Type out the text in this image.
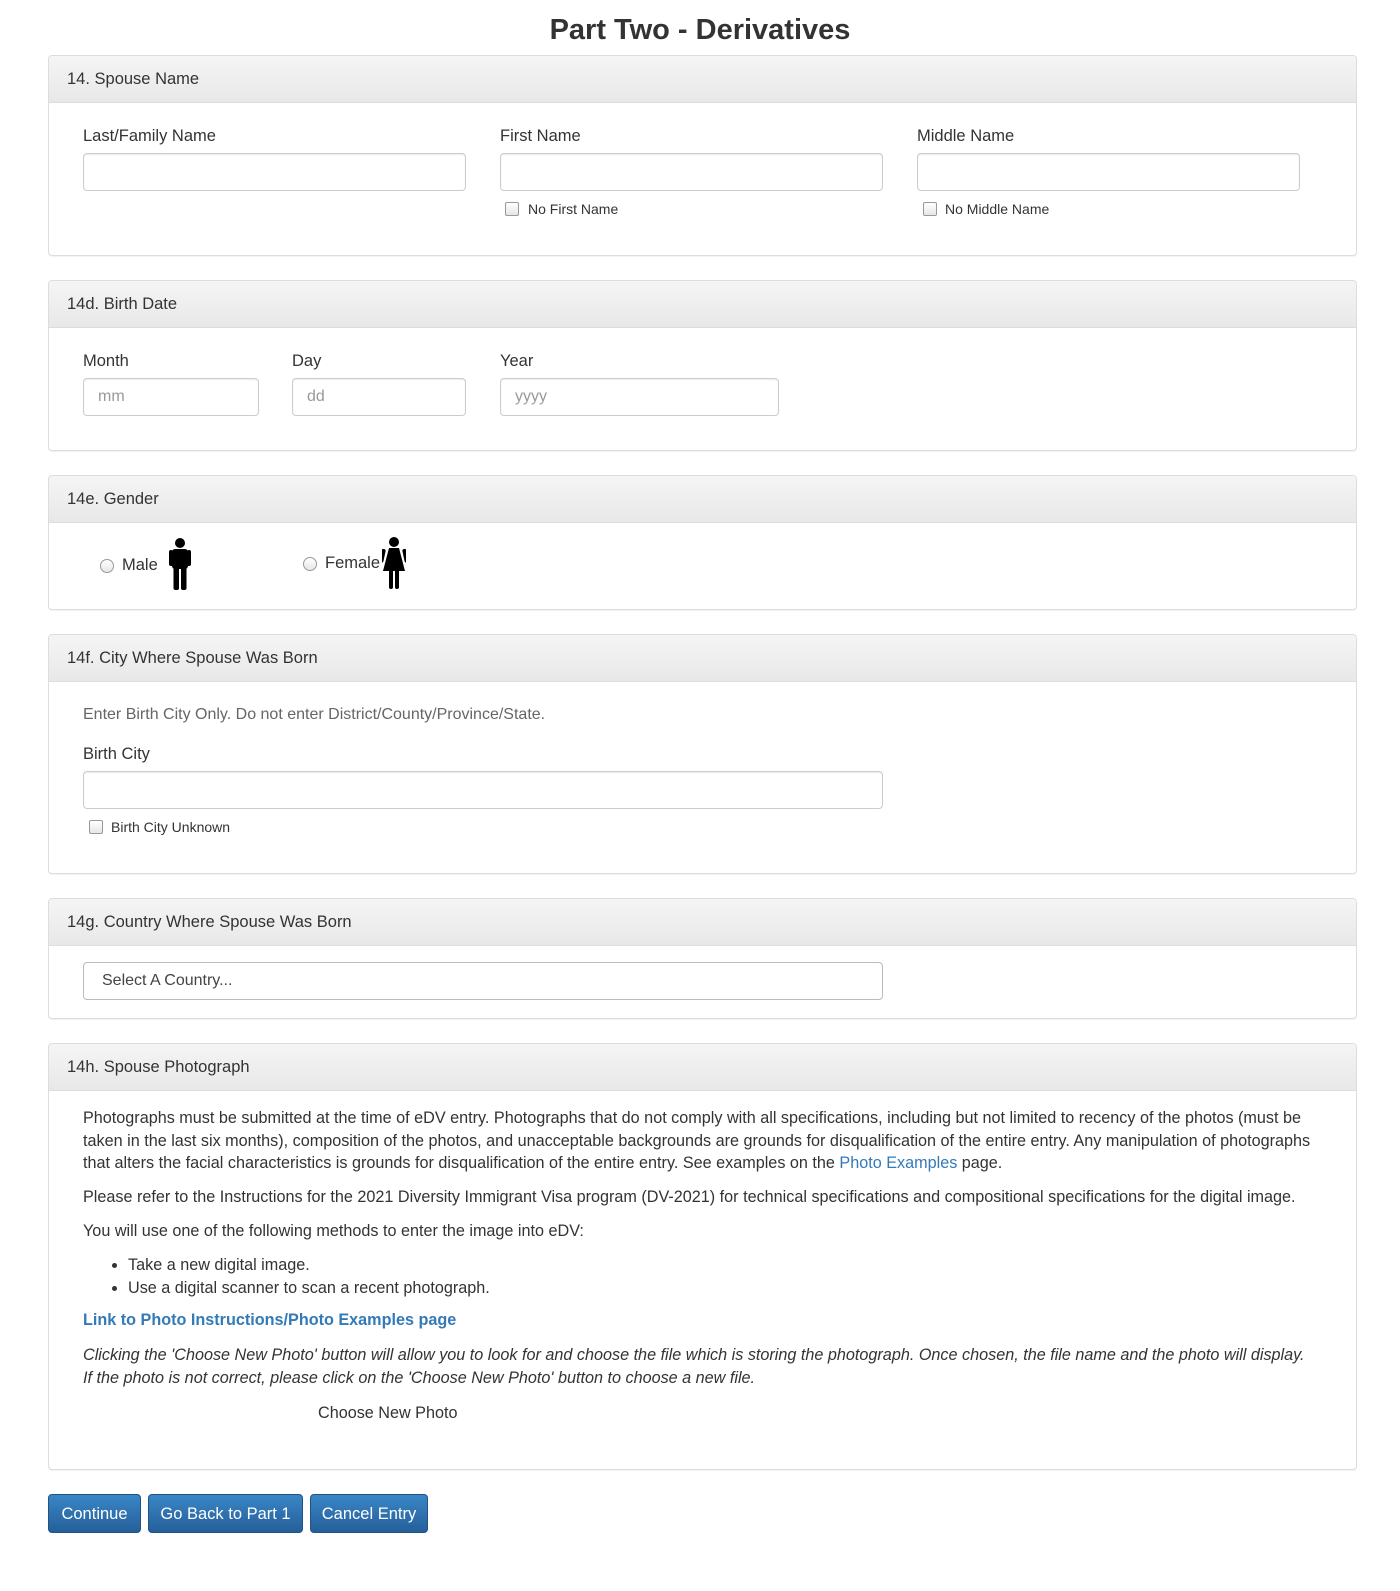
Part Two - Derivatives
14. Spouse Name
Last/Family Name	First Name	Middle Name
No First Name	No Middle Name
14d. Birth Date
Month	Day	Year
mm
dd
yyyy
14e. Gender
Male	Female
14f. City Where Spouse Was Born
Enter Birth City Only. Do not enter District/County/Province/State.
Birth City
Birth City Unknown
14g. Country Where Spouse Was Born
Select A Country...
14h. Spouse Photograph

Photographs must be submitted at the time of eDV entry. Photographs that do not comply with all specifications, including but not limited to recency of the photos (must be taken in the last six months), composition of the photos, and unacceptable backgrounds are grounds for disqualification of the entire entry. Any manipulation of photographs that alters the facial characteristics is grounds for disqualification of the entire entry. See examples on the Photo Examples page.

Please refer to the Instructions for the 2021 Diversity Immigrant Visa program (DV-2021) for technical specifications and compositional specifications for the digital image.

You will use one of the following methods to enter the image into eDV:

• Take a new digital image.
• Use a digital scanner to scan a recent photograph.
Link to Photo Instructions/Photo Examples page

Clicking the 'Choose New Photo' button will allow you to look for and choose the file which is storing the photograph. Once chosen, the file name and the photo will display. If the photo is not correct, please click on the 'Choose New Photo' button to choose a new file.

Choose New Photo
Continue	Go Back to Part 1	Cancel Entry
